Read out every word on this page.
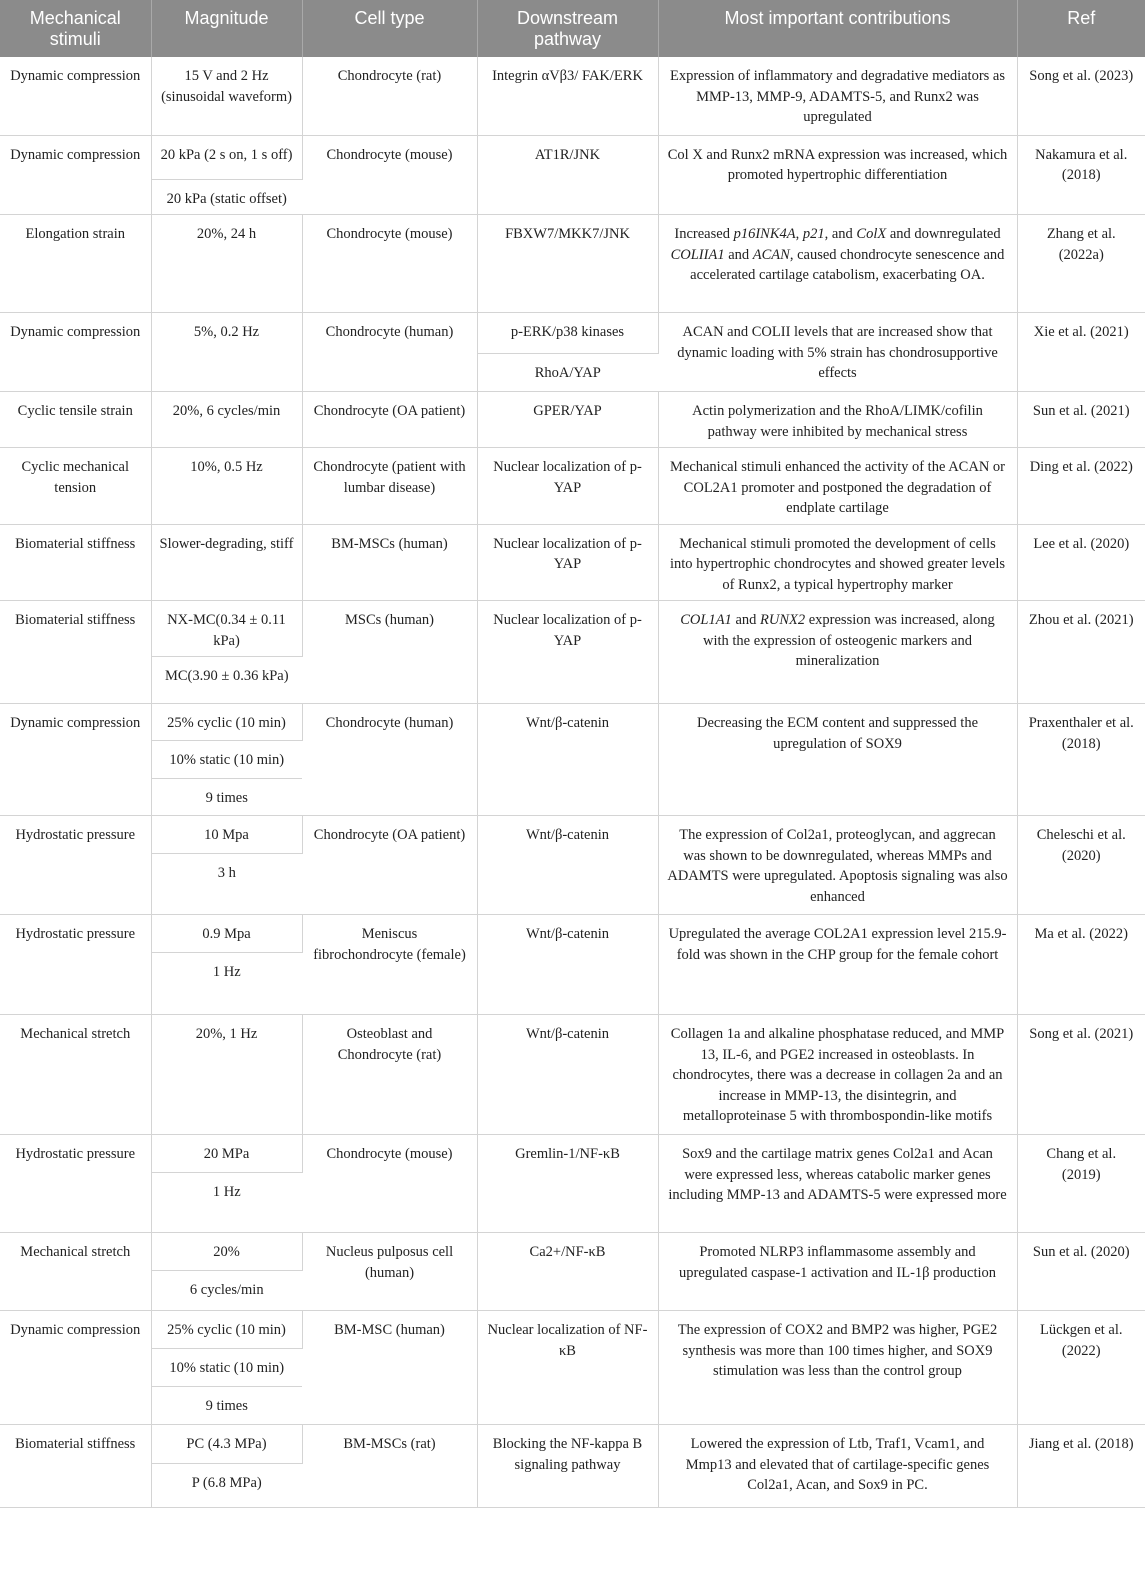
Mechanical stimuli	Magnitude	Cell type	Downstream pathway	Most important contributions	Ref
Dynamic compression	15 V and 2 Hz (sinusoidal waveform)	Chondrocyte (rat)	Integrin αVβ3/ FAK/ERK	Expression of inflammatory and degradative mediators as MMP-13, MMP-9, ADAMTS-5, and Runx2 was upregulated	Song et al. (2023)
Dynamic compression	20 kPa (2 s on, 1 s off)	Chondrocyte (mouse)	AT1R/JNK	Col X and Runx2 mRNA expression was increased, which promoted hypertrophic differentiation	Nakamura et al. (2018)
	20 kPa (static offset)				
Elongation strain	20%, 24 h	Chondrocyte (mouse)	FBXW7/MKK7/JNK	Increased p16INK4A, p21, and ColX and downregulated COLIIA1 and ACAN, caused chondrocyte senescence and accelerated cartilage catabolism, exacerbating OA.	Zhang et al. (2022a)
Dynamic compression	5%, 0.2 Hz	Chondrocyte (human)	p-ERK/p38 kinases	ACAN and COLII levels that are increased show that dynamic loading with 5% strain has chondrosupportive effects	Xie et al. (2021)
			RhoA/YAP		
Cyclic tensile strain	20%, 6 cycles/min	Chondrocyte (OA patient)	GPER/YAP	Actin polymerization and the RhoA/LIMK/cofilin pathway were inhibited by mechanical stress	Sun et al. (2021)
Cyclic mechanical tension	10%, 0.5 Hz	Chondrocyte (patient with lumbar disease)	Nuclear localization of p-YAP	Mechanical stimuli enhanced the activity of the ACAN or COL2A1 promoter and postponed the degradation of endplate cartilage	Ding et al. (2022)
Biomaterial stiffness	Slower-degrading, stiff	BM-MSCs (human)	Nuclear localization of p-YAP	Mechanical stimuli promoted the development of cells into hypertrophic chondrocytes and showed greater levels of Runx2, a typical hypertrophy marker	Lee et al. (2020)
Biomaterial stiffness	NX-MC(0.34 ± 0.11 kPa)	MSCs (human)	Nuclear localization of p-YAP	COL1A1 and RUNX2 expression was increased, along with the expression of osteogenic markers and mineralization	Zhou et al. (2021)
	MC(3.90 ± 0.36 kPa)				
Dynamic compression	25% cyclic (10 min)	Chondrocyte (human)	Wnt/β-catenin	Decreasing the ECM content and suppressed the upregulation of SOX9	Praxenthaler et al. (2018)
	10% static (10 min)				
	9 times				
Hydrostatic pressure	10 Mpa	Chondrocyte (OA patient)	Wnt/β-catenin	The expression of Col2a1, proteoglycan, and aggrecan was shown to be downregulated, whereas MMPs and ADAMTS were upregulated. Apoptosis signaling was also enhanced	Cheleschi et al. (2020)
	3 h				
Hydrostatic pressure	0.9 Mpa	Meniscus fibrochondrocyte (female)	Wnt/β-catenin	Upregulated the average COL2A1 expression level 215.9-fold was shown in the CHP group for the female cohort	Ma et al. (2022)
	1 Hz				
Mechanical stretch	20%, 1 Hz	Osteoblast and Chondrocyte (rat)	Wnt/β-catenin	Collagen 1a and alkaline phosphatase reduced, and MMP 13, IL-6, and PGE2 increased in osteoblasts. In chondrocytes, there was a decrease in collagen 2a and an increase in MMP-13, the disintegrin, and metalloproteinase 5 with thrombospondin-like motifs	Song et al. (2021)
Hydrostatic pressure	20 MPa	Chondrocyte (mouse)	Gremlin-1/NF-κB	Sox9 and the cartilage matrix genes Col2a1 and Acan were expressed less, whereas catabolic marker genes including MMP-13 and ADAMTS-5 were expressed more	Chang et al. (2019)
	1 Hz				
Mechanical stretch	20%	Nucleus pulposus cell (human)	Ca2+/NF-κB	Promoted NLRP3 inflammasome assembly and upregulated caspase-1 activation and IL-1β production	Sun et al. (2020)
	6 cycles/min				
Dynamic compression	25% cyclic (10 min)	BM-MSC (human)	Nuclear localization of NF-κB	The expression of COX2 and BMP2 was higher, PGE2 synthesis was more than 100 times higher, and SOX9 stimulation was less than the control group	Lückgen et al. (2022)
	10% static (10 min)				
	9 times				
Biomaterial stiffness	PC (4.3 MPa)	BM-MSCs (rat)	Blocking the NF-kappa B signaling pathway	Lowered the expression of Ltb, Traf1, Vcam1, and Mmp13 and elevated that of cartilage-specific genes Col2a1, Acan, and Sox9 in PC.	Jiang et al. (2018)
	P (6.8 MPa)				
